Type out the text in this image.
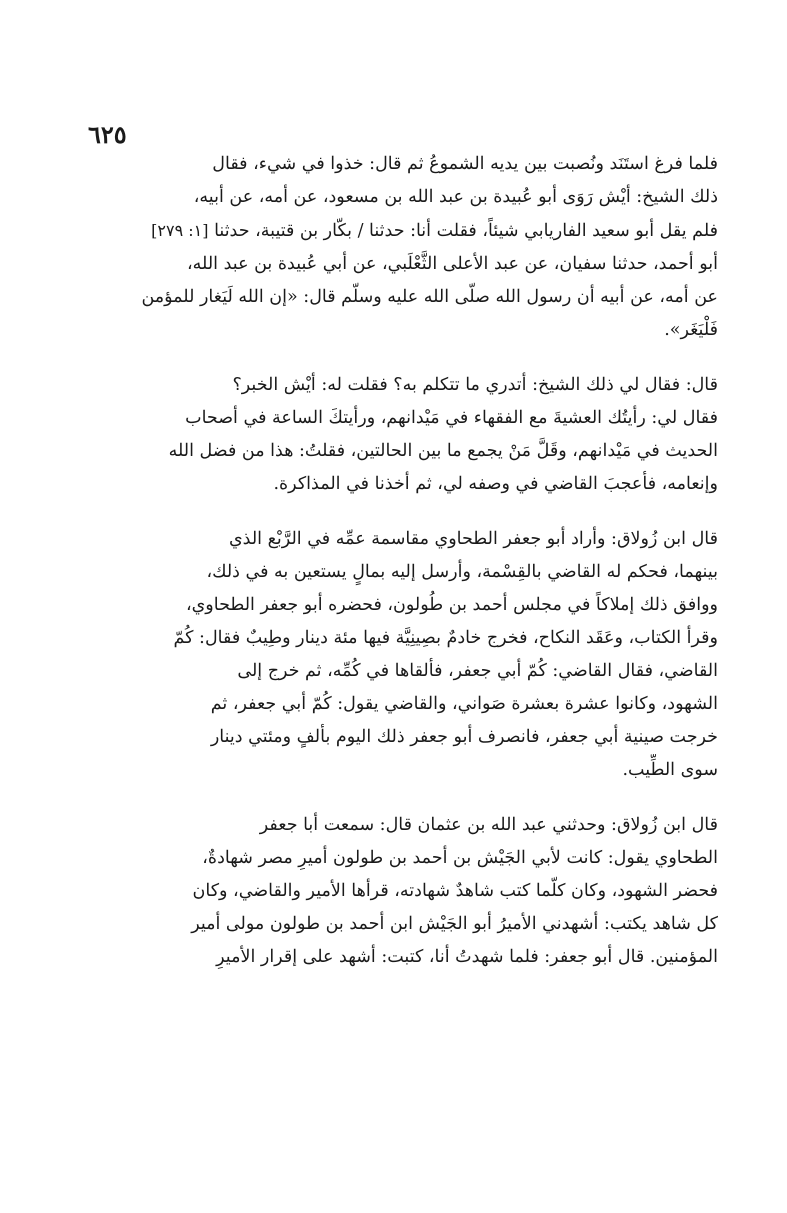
٦٢٥

فلما فرغ استَنَد ونُصبت بين يديه الشموعُ ثم قال: خذوا في شيء، فقال
ذلك الشيخ: أيْش رَوَى أبو عُبيدة بن عبد الله بن مسعود، عن أمه، عن أبيه،
فلم يقل أبو سعيد الفاريابي شيئاً، فقلت أنا: حدثنا / بكّار بن قتيبة، حدثنا [١: ٢٧٩]
أبو أحمد، حدثنا سفيان، عن عبد الأعلى الثَّعْلَبي، عن أبي عُبيدة بن عبد الله،
عن أمه، عن أبيه أن رسول الله صلّى الله عليه وسلّم قال: «إن الله لَيَغار للمؤمن
فَلْيَغَر».

قال: فقال لي ذلك الشيخ: أتدري ما تتكلم به؟ فقلت له: أيْش الخبر؟
فقال لي: رأيتُك العشيةَ مع الفقهاء في مَيْدانهم، ورأيتكَ الساعة في أصحاب
الحديث في مَيْدانهم، وقَلَّ مَنْ يجمع ما بين الحالتين، فقلتُ: هذا من فضل الله
وإنعامه، فأعجبَ القاضي في وصفه لي، ثم أخذنا في المذاكرة.

قال ابن زُولاق: وأراد أبو جعفر الطحاوي مقاسمة عمِّه في الرَّبْع الذي
بينهما، فحكم له القاضي بالقِسْمة، وأرسل إليه بمالٍ يستعين به في ذلك،
ووافق ذلك إملاكاً في مجلس أحمد بن طُولون، فحضره أبو جعفر الطحاوي،
وقرأ الكتاب، وعَقَد النكاح، فخرج خادمٌ بصِينِيَّة فيها مئة دينار وطِيبٌ فقال: كُمّ
القاضي، فقال القاضي: كُمّ أبي جعفر، فألقاها في كُمِّه، ثم خرج إلى
الشهود، وكانوا عشرة بعشرة صَواني، والقاضي يقول: كُمّ أبي جعفر، ثم
خرجت صينية أبي جعفر، فانصرف أبو جعفر ذلك اليوم بألفٍ ومئتي دينار
سوى الطِّيب.

قال ابن زُولاق: وحدثني عبد الله بن عثمان قال: سمعت أبا جعفر
الطحاوي يقول: كانت لأبي الجَيْش بن أحمد بن طولون أميرِ مصر شهادةٌ،
فحضر الشهود، وكان كلّما كتب شاهدٌ شهادته، قرأها الأمير والقاضي، وكان
كل شاهد يكتب: أشهدني الأميرُ أبو الجَيْش ابن أحمد بن طولون مولى أمير
المؤمنين. قال أبو جعفر: فلما شهدتُ أنا، كتبت: أشهد على إقرار الأميرِ
